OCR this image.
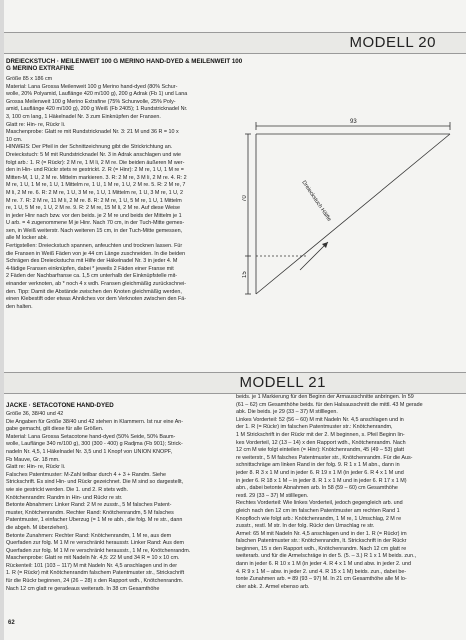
MODELL 20
DREIECKSTUCH · MEILENWEIT 100 G MERINO HAND-DYED & MEILENWEIT 100 G MERINO EXTRAFINE

Größe 85 x 186 cm

Material: Lana Grossa Meilenweit 100 g Merino hand-dyed (80% Schur-

wolle, 20% Polyamid, Lauflänge 420 m/100 g), 200 g Adrak (Fb 1) und Lana

Grossa Meilenweit 100 g Merino Extrafine (75% Schurwolle, 25% Poly-

amid, Lauflänge 420 m/100 g), 200 g Weiß (Fb 2405); 1 Rundstricknadel Nr.

3, 100 cm lang, 1 Häkelnadel Nr. 3 zum Einknüpfen der Fransen.

Glatt re: Hin- re, Rückr li.

Maschenprobe: Glatt re mit Rundstricknadel Nr. 3: 21 M und 36 R = 10 x

10 cm.

HINWEIS: Der Pfeil in der Schnittzeichnung gibt die Strickrichtung an.

Dreieckstuch: 5 M mit Rundstricknadel Nr. 3 in Adrak anschlagen und wie

folgt arb.: 1. R (= Rückr): 2 M re, 1 M li, 2 M re. Die beiden äußeren M wer-

den in Hin- und Rückr stets re gestrickt. 2. R (= Hinr): 2 M re, 1 U, 1 M re =

Mitten-M, 1 U, 2 M re. Mittelm markieren. 3. R: 2 M re, 3 M li, 2 M re. 4. R: 2

M re, 1 U, 1 M re, 1 U, 1 Mittelm re, 1 U, 1 M re, 1 U, 2 M re. 5. R: 2 M re, 7

M li, 2 M re. 6. R: 2 M re, 1 U, 3 M re, 1 U, 1 Mittelm re, 1 U, 3 M re, 1 U, 2

M re. 7. R: 2 M re, 11 M li, 2 M re. 8. R: 2 M re, 1 U, 5 M re, 1 U, 1 Mittelm

re, 1 U, 5 M re, 1 U, 2 M re. 9. R: 2 M re, 15 M li, 2 M re. Auf diese Weise

in jeder Hinr nach bzw. vor den beids. je 2 M re und beids der Mittelm je 1

U arb. = 4 zugenommene M je Hinr. Nach 70 cm, in der Tuch-Mitte gemes-

sen, in Weiß weiterstr. Nach weiteren 15 cm, in der Tuch-Mitte gemessen,

alle M locker abk.

Fertigstellen: Dreieckstuch spannen, anfeuchten und trocknen lassen. Für

die Fransen in Weiß Fäden von je 44 cm Länge zuschneiden. In die beiden

Schrägen des Dreieckstuchs mit Hilfe der Häkelnadel Nr. 3 in jeder 4. M

4-fädige Fransen einknüpfen, dabei * jeweils 2 Fäden einer Franse mit

2 Fäden der Nachbarfranse ca. 1,5 cm unterhalb der Einknüpfstelle mit-

einander verknoten, ab * noch 4 x wdh. Fransen gleichmäßig zurückschnei-

den. Tipp: Damit die Abstände zwischen den Knoten gleichmäßig werden,

einen Klebestift oder etwas Ähnliches vor dem Verknoten zwischen den Fä-

den halten.

93
70
15
Dreieckstuch Hälfte
MODELL 21
JACKE · SETACOTONE HAND-DYED

Größe 36, 38/40 und 42

Die Angaben für Größe 38/40 und 42 stehen in Klammern. Ist nur eine An-

gabe gemacht, gilt diese für alle Größen.

Material: Lana Grossa Setacotone hand-dyed (50% Seide, 50% Baum-

wolle, Lauflänge 340 m/100 g), 300 (300 - 400) g Radjma (Fb 901); Strick-

nadeln Nr. 4,5, 1 Häkelnadel Nr. 3,5 und 1 Knopf von UNION KNOPF,

Fb Mauve, Gr. 18 mm.

Glatt re: Hin- re, Rückr li.

Falsches Patentmuster: M-Zahl teilbar durch 4 + 3 + Randm. Siehe

Strickschrift. Es sind Hin- und Rückr gezeichnet. Die M sind so dargestellt,

wie sie gestrickt werden. Die 1. und 2. R stets wdh.

Knötchenrandm: Randm in Hin- und Rückr re str.

Betonte Abnahmen: Linker Rand: 2 M re zusstr., 5 M falsches Patent-

muster, Knötchenrandm. Rechter Rand: Knötchenrandm, 5 M falsches

Patentmuster, 1 einfacher Überzug (= 1 M re abh., die folg. M re str., dann

die abgeh. M überziehen).

Betonte Zunahmen: Rechter Rand: Knötchenrandm, 1 M re, aus dem

Querfaden zur folg. M 1 M re verschränkt herausstr. Linker Rand: Aus dem

Querfaden zur folg. M 1 M re verschränkt herausstr., 1 M re, Knötchenrandm.

Maschenprobe: Glatt re mit Nadeln Nr. 4,5: 22 M und 34 R = 10 x 10 cm.

Rückenteil: 101 (103 – 117) M mit Nadeln Nr. 4,5 anschlagen und in der

1. R (= Rückr) mit Knötchenrandm falschem Patentmuster str., Strickschrift

für die Rückr beginnen, 24 (26 – 28) x den Rapport wdh., Knötchenrandm.

Nach 12 cm glatt re geradeaus weiterarb. In 38 cm Gesamthöhe

beids. je 1 Markierung für den Beginn der Armausschnitte anbringen. In 59

(61 – 62) cm Gesamthöhe beids. für den Halsausschnitt die mittl. 43 M gerade

abk. Die beids. je 29 (33 – 37) M stilllegen.

Linkes Vorderteil: 52 (56 – 60) M mit Nadeln Nr. 4,5 anschlagen und in

der 1. R (= Rückr) im falschen Patentmuster str.: Knötchenrandm,

1 M Strickschrift in der Rückr mit der 2. M beginnen, s. Pfeil Beginn lin-

kes Vorderteil, 12 (13 – 14) x den Rapport wdh., Knötchenrandm. Nach

12 cm M wie folgt einteilen (= Hinr): Knötchenrandm, 45 (49 – 53) glatt

re weiterstr., 5 M falsches Patentmuster str., Knötchenrandm. Für die Aus-

schnittschräge am linken Rand in der folg. 9. R 1 x 1 M abn., dann in

jeder 8. R 3 x 1 M und in jeder 6. R 19 x 1 M (in jeder 6. R 4 x 1 M und

in jeder 6. R 18 x 1 M – in jeder 8. R 1 x 1 M und in jeder 6. R 17 x 1 M)

abn., dabei betonte Abnahmen arb. In 58 (59 – 60) cm Gesamthöhe

restl. 29 (33 – 37) M stilllegen.

Rechtes Vorderteil: Wie linkes Vorderteil, jedoch gegengleich arb. und

gleich nach den 12 cm im falschen Patentmuster am rechten Rand 1

Knopfloch wie folgt arb.: Knötchenrandm, 1 M re, 1 Umschlag, 2 M re

zusstr., restl. M str. In der folg. Rückr den Umschlag re str.

Ärmel: 65 M mit Nadeln Nr. 4,5 anschlagen und in der 1. R (= Rückr) im

falschen Patentmuster str.: Knötchenrandm, lt. Strickschrift in der Rückr

beginnen, 15 x den Rapport wdh., Knötchenrandm. Nach 12 cm glatt re

weiterarb. und für die Ärmelschräge in der 5. (5. – 3.) R 1 x 1 M beids. zun.,

dann in jeder 6. R 10 x 1 M (in jeder 4. R 4 x 1 M und abw. in jeder 2. und

4. R 9 x 1 M – abw. in jeder 2. und 4. R 15 x 1 M) beids. zun., dabei be-

tonte Zunahmen arb. = 89 (93 – 97) M. In 21 cm Gesamthöhe alle M lo-

cker abk. 2. Ärmel ebenso arb.

62
